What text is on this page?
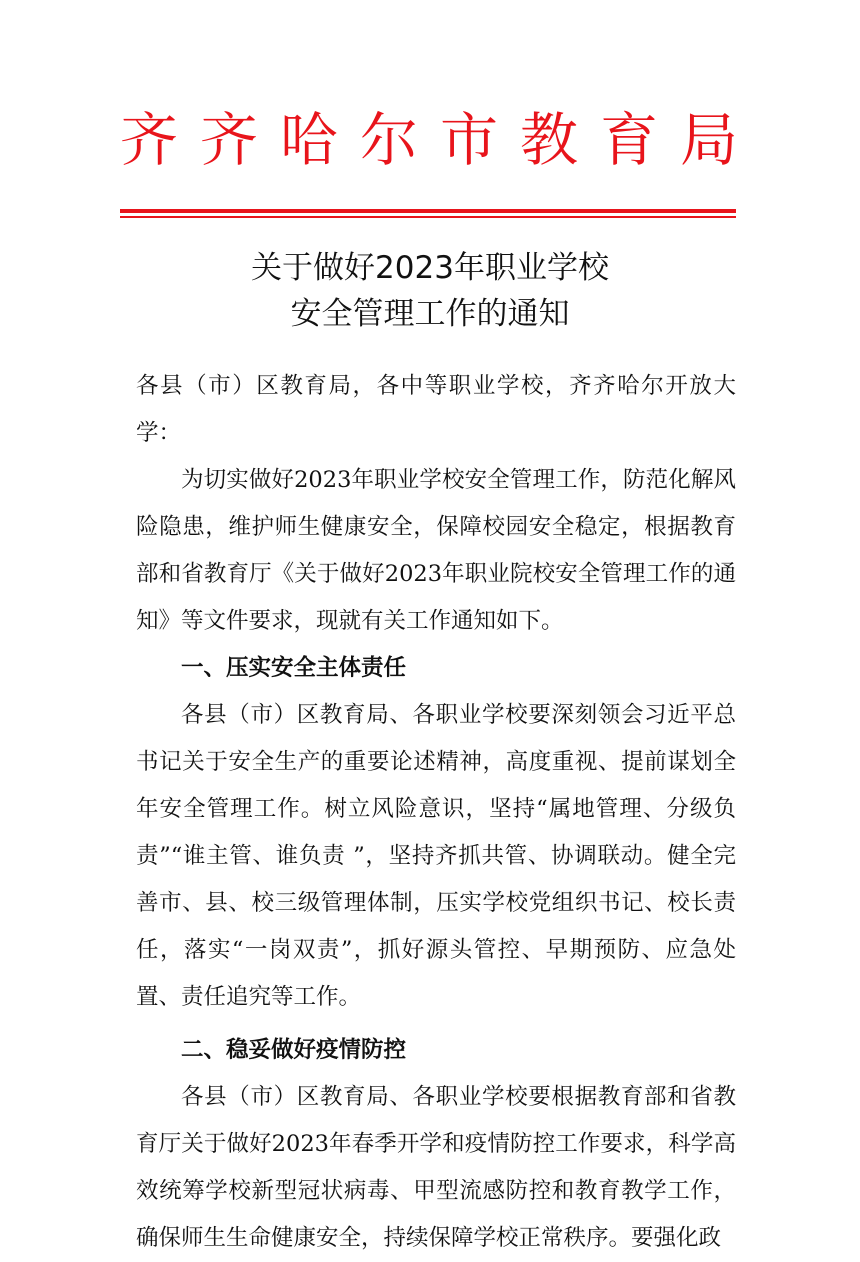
齐齐哈尔市教育局
关于做好2023年职业学校
安全管理工作的通知

各县（市）区教育局，各中等职业学校，齐齐哈尔开放大学：

为切实做好2023年职业学校安全管理工作，防范化解风险隐患，维护师生健康安全，保障校园安全稳定，根据教育部和省教育厅《关于做好2023年职业院校安全管理工作的通知》等文件要求，现就有关工作通知如下。

一、压实安全主体责任

各县（市）区教育局、各职业学校要深刻领会习近平总书记关于安全生产的重要论述精神，高度重视、提前谋划全年安全管理工作。树立风险意识，坚持“属地管理、分级负责”“谁主管、谁负责 ”，坚持齐抓共管、协调联动。健全完善市、县、校三级管理体制，压实学校党组织书记、校长责任，落实“一岗双责”，抓好源头管控、早期预防、应急处置、责任追究等工作。

二、稳妥做好疫情防控

各县（市）区教育局、各职业学校要根据教育部和省教育厅关于做好2023年春季开学和疫情防控工作要求，科学高效统筹学校新型冠状病毒、甲型流感防控和教育教学工作，确保师生生命健康安全，持续保障学校正常秩序。要强化政
